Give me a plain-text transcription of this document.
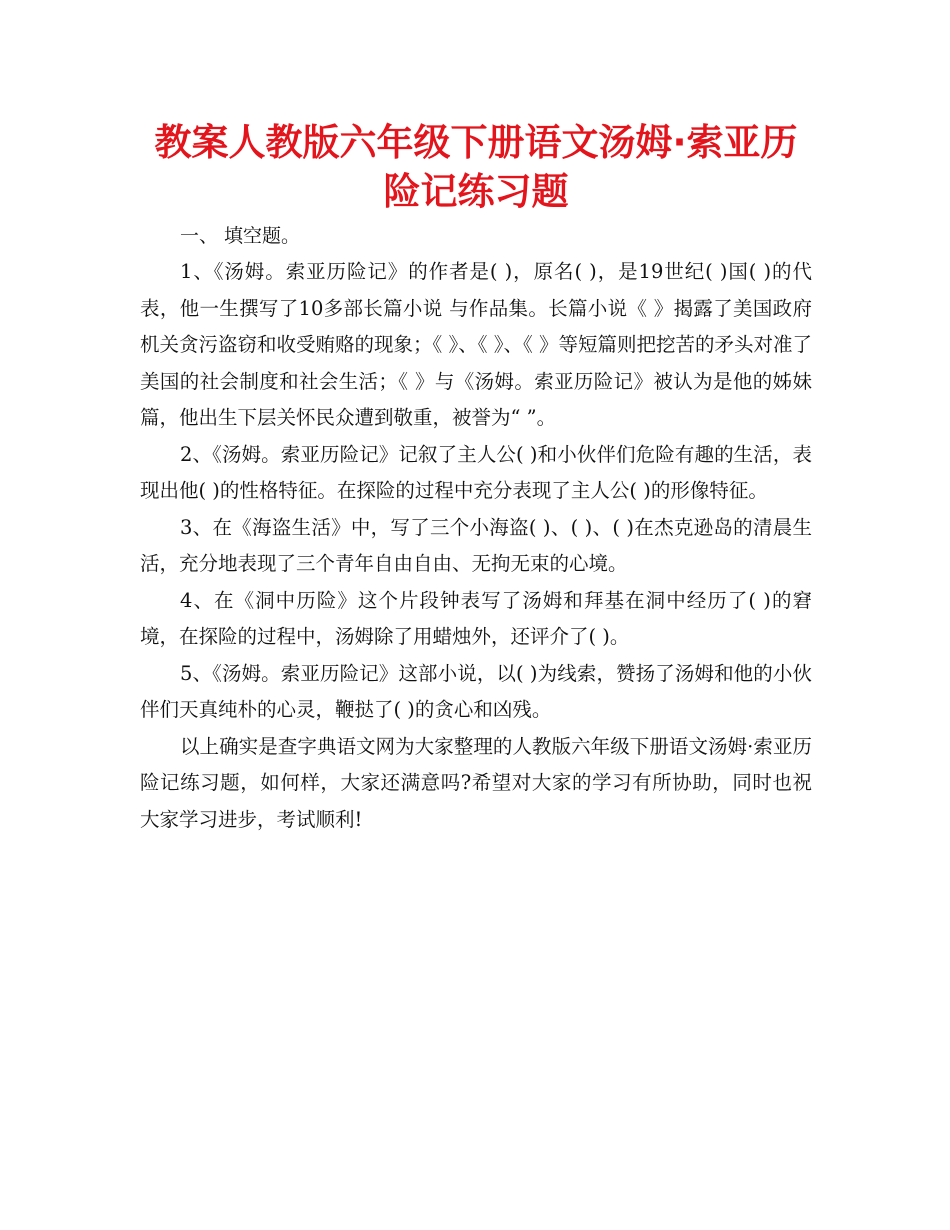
教案人教版六年级下册语文汤姆·索亚历险记练习题
一、 填空题。

1、《汤姆。索亚历险记》的作者是( )，原名( )，是19世纪( )国( )的代表，他一生撰写了10多部长篇小说 与作品集。长篇小说《 》揭露了美国政府机关贪污盗窃和收受贿赂的现象；《 》、《 》、《 》等短篇则把挖苦的矛头对准了美国的社会制度和社会生活；《 》与《汤姆。索亚历险记》被认为是他的姊妹篇，他出生下层关怀民众遭到敬重，被誉为“ ”。

2、《汤姆。索亚历险记》记叙了主人公( )和小伙伴们危险有趣的生活，表现出他( )的性格特征。在探险的过程中充分表现了主人公( )的形像特征。

3、在《海盗生活》中，写了三个小海盗( )、( )、( )在杰克逊岛的清晨生活，充分地表现了三个青年自由自由、无拘无束的心境。

4、在《洞中历险》这个片段钟表写了汤姆和拜基在洞中经历了( )的窘境，在探险的过程中，汤姆除了用蜡烛外，还评介了( )。

5、《汤姆。索亚历险记》这部小说，以( )为线索，赞扬了汤姆和他的小伙伴们天真纯朴的心灵，鞭挞了( )的贪心和凶残。

以上确实是查字典语文网为大家整理的人教版六年级下册语文汤姆·索亚历险记练习题，如何样，大家还满意吗?希望对大家的学习有所协助，同时也祝大家学习进步，考试顺利!
